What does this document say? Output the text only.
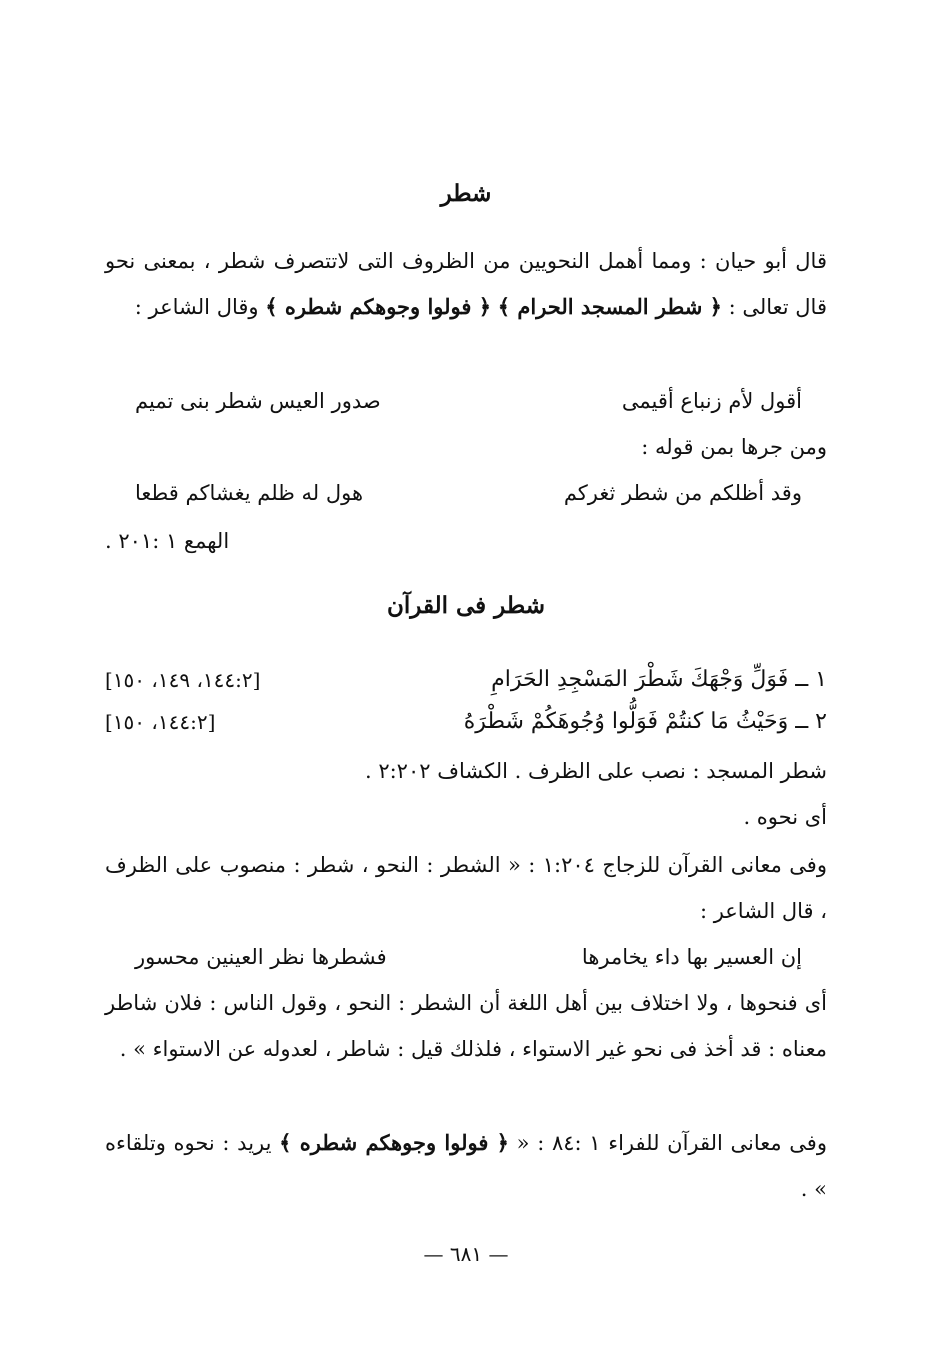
شطر
قال أبو حيان : ومما أهمل النحويين من الظروف التى لاتتصرف شطر ، بمعنى نحو قال تعالى : ﴿ شطر المسجد الحرام ﴾ ﴿ فولوا وجوهكم شطره ﴾ وقال الشاعر :
أقول لأم زنباع أقيمى
صدور العيس شطر بنى تميم
ومن جرها بمن قوله :
وقد أظلكم من شطر ثغركم
هول له ظلم يغشاكم قطعا
الهمع ١ :٢٠١ .
شطر فى القرآن
١ ــ فَوَلِّ وَجْهَكَ شَطْرَ المَسْجِدِ الحَرَامِ
[١٤٤:٢، ١٤٩، ١٥٠]
٢ ــ وَحَيْثُ مَا كنتُمْ فَوَلُّوا وُجُوهَكُمْ شَطْرَهُ
[١٤٤:٢، ١٥٠]
شطر المسجد : نصب على الظرف . الكشاف ٢:٢٠٢ .
أى نحوه .
وفى معانى القرآن للزجاج ١:٢٠٤ : « الشطر : النحو ، شطر : منصوب على الظرف ، قال الشاعر :
إن العسير بها داء يخامرها
فشطرها نظر العينين محسور
أى فنحوها ، ولا اختلاف بين أهل اللغة أن الشطر : النحو ، وقول الناس : فلان شاطر معناه : قد أخذ فى نحو غير الاستواء ، فلذلك قيل : شاطر ، لعدوله عن الاستواء » .
وفى معانى القرآن للفراء ١ :٨٤ : « ﴿ فولوا وجوهكم شطره ﴾ يريد : نحوه وتلقاءه » .
— ٦٨١ —
